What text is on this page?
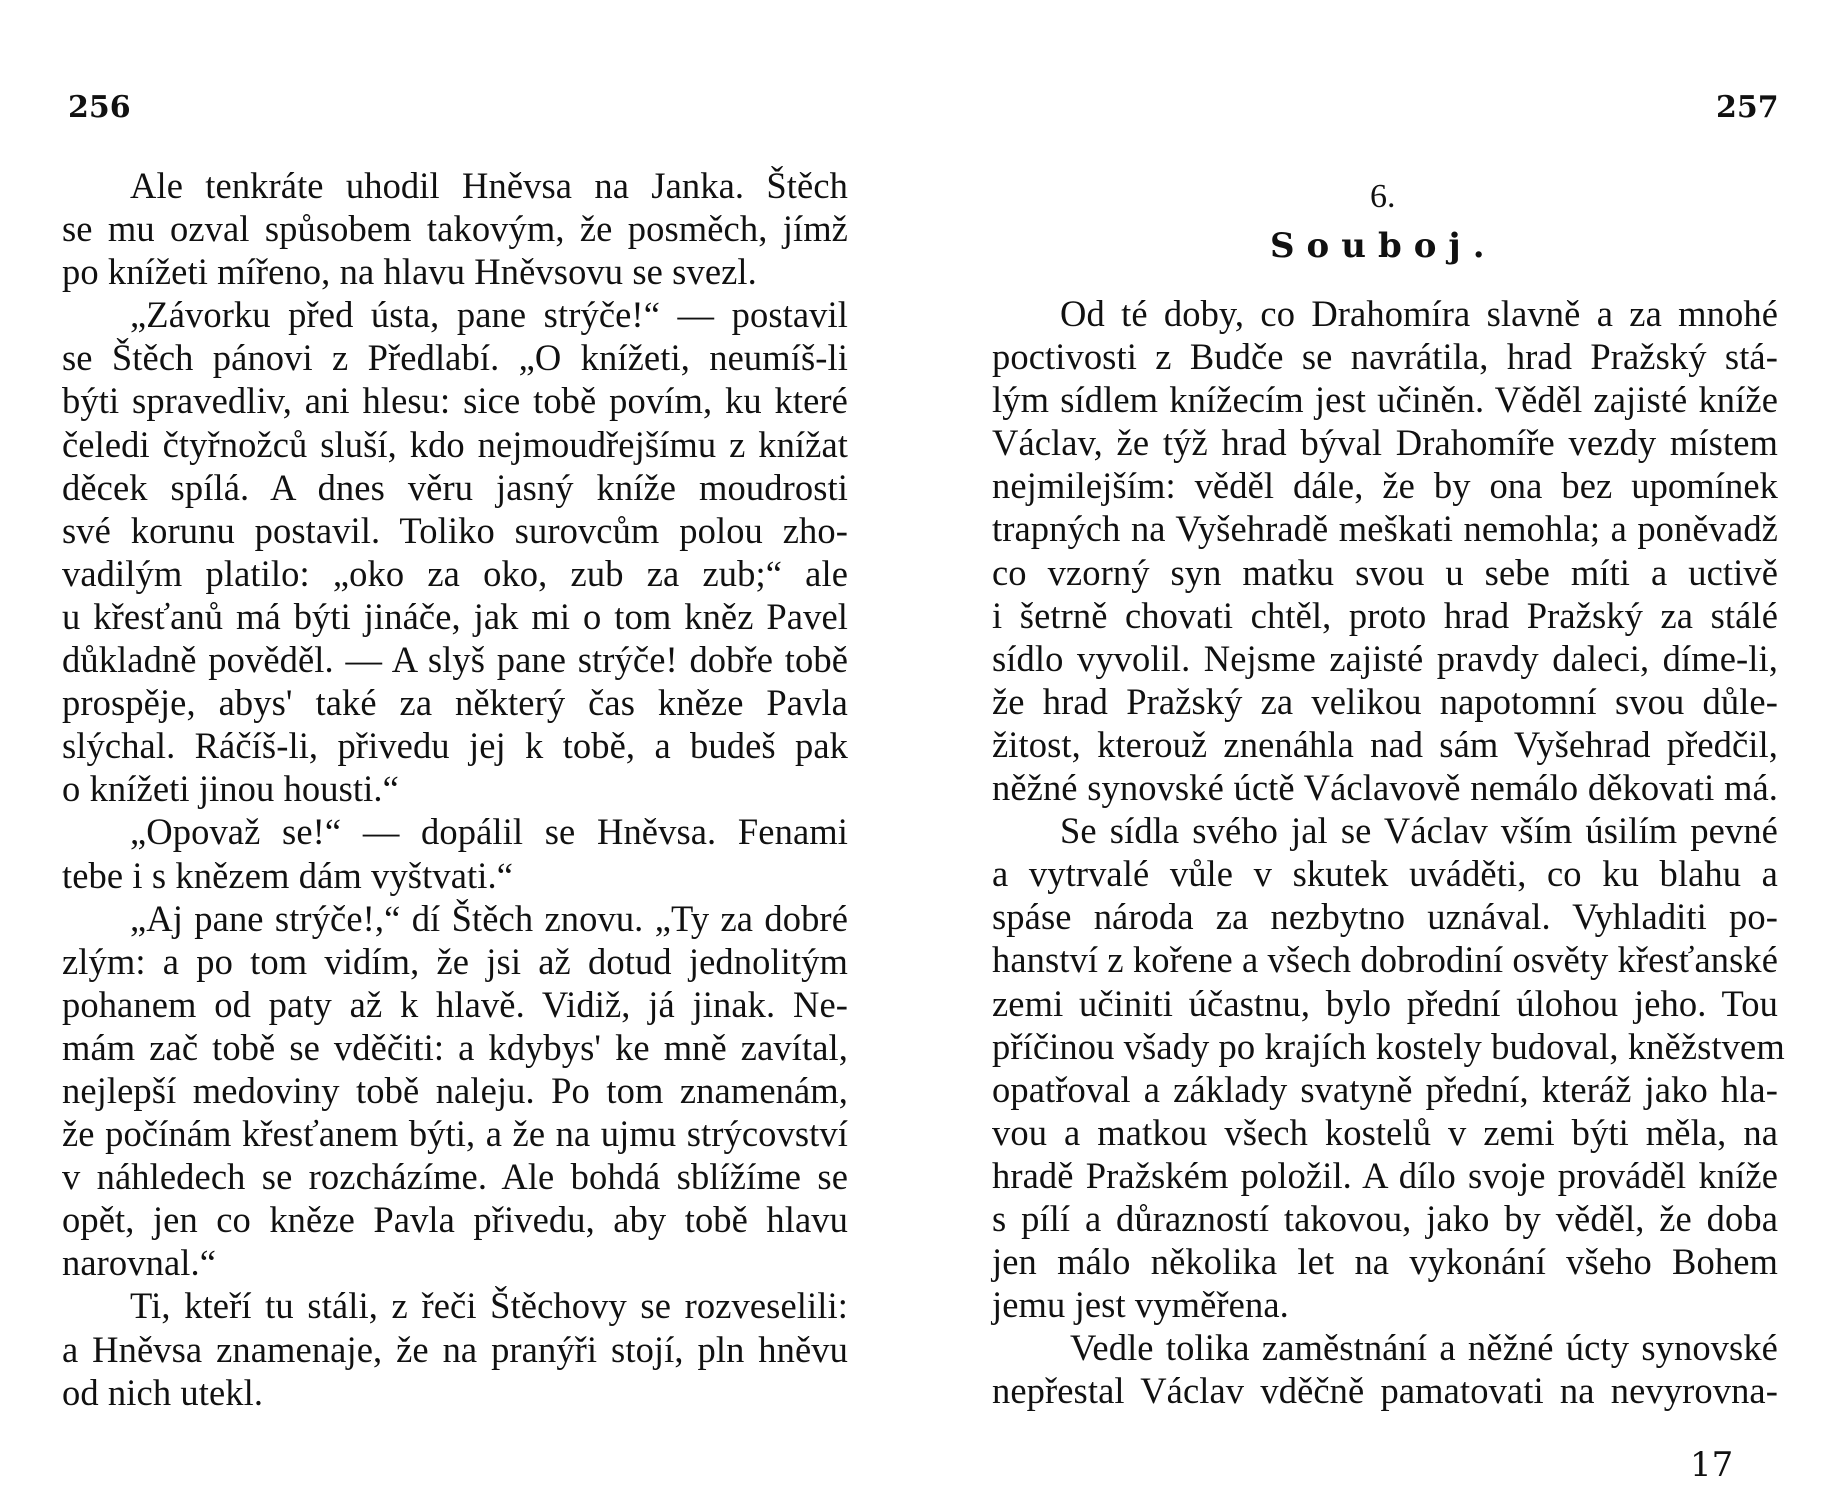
256
Ale tenkráte uhodil Hněvsa na Janka. Štěch
se mu ozval spůsobem takovým, že posměch, jímž
po knížeti mířeno, na hlavu Hněvsovu se svezl.
„Závorku před ústa, pane strýče!“ — postavil
se Štěch pánovi z Předlabí. „O knížeti, neumíš-li
býti spravedliv, ani hlesu: sice tobě povím, ku které
čeledi čtyřnožců sluší, kdo nejmoudřejšímu z knížat
děcek spílá. A dnes věru jasný kníže moudrosti
své korunu postavil. Toliko surovcům polou zho-
vadilým platilo: „oko za oko, zub za zub;“ ale
u křesťanů má býti jináče, jak mi o tom kněz Pavel
důkladně pověděl. — A slyš pane strýče! dobře tobě
prospěje, abys' také za některý čas kněze Pavla
slýchal. Ráčíš-li, přivedu jej k tobě, a budeš pak
o knížeti jinou housti.“
„Opovaž se!“ — dopálil se Hněvsa. Fenami
tebe i s knězem dám vyštvati.“
„Aj pane strýče!,“ dí Štěch znovu. „Ty za dobré
zlým: a po tom vidím, že jsi až dotud jednolitým
pohanem od paty až k hlavě. Vidiž, já jinak. Ne-
mám zač tobě se vděčiti: a kdybys' ke mně zavítal,
nejlepší medoviny tobě naleju. Po tom znamenám,
že počínám křesťanem býti, a že na ujmu strýcovství
v náhledech se rozcházíme. Ale bohdá sblížíme se
opět, jen co kněze Pavla přivedu, aby tobě hlavu
narovnal.“
Ti, kteří tu stáli, z řeči Štěchovy se rozveselili:
a Hněvsa znamenaje, že na pranýři stojí, pln hněvu
od nich utekl.
257
6.
Souboj.
Od té doby, co Drahomíra slavně a za mnohé
poctivosti z Budče se navrátila, hrad Pražský stá-
lým sídlem knížecím jest učiněn. Věděl zajisté kníže
Václav, že týž hrad býval Drahomíře vezdy místem
nejmilejším: věděl dále, že by ona bez upomínek
trapných na Vyšehradě meškati nemohla; a poněvadž
co vzorný syn matku svou u sebe míti a uctivě
i šetrně chovati chtěl, proto hrad Pražský za stálé
sídlo vyvolil. Nejsme zajisté pravdy daleci, díme-li,
že hrad Pražský za velikou napotomní svou důle-
žitost, kterouž znenáhla nad sám Vyšehrad předčil,
něžné synovské úctě Václavově nemálo děkovati má.
Se sídla svého jal se Václav vším úsilím pevné
a vytrvalé vůle v skutek uváděti, co ku blahu a
spáse národa za nezbytno uznával. Vyhladiti po-
hanství z kořene a všech dobrodiní osvěty křesťanské
zemi učiniti účastnu, bylo přední úlohou jeho. Tou
příčinou všady po krajích kostely budoval, kněžstvem
opatřoval a základy svatyně přední, kteráž jako hla-
vou a matkou všech kostelů v zemi býti měla, na
hradě Pražském položil. A dílo svoje prováděl kníže
s pílí a důrazností takovou, jako by věděl, že doba
jen málo několika let na vykonání všeho Bohem
jemu jest vyměřena.
Vedle tolika zaměstnání a něžné úcty synovské
nepřestal Václav vděčně pamatovati na nevyrovna-
17
